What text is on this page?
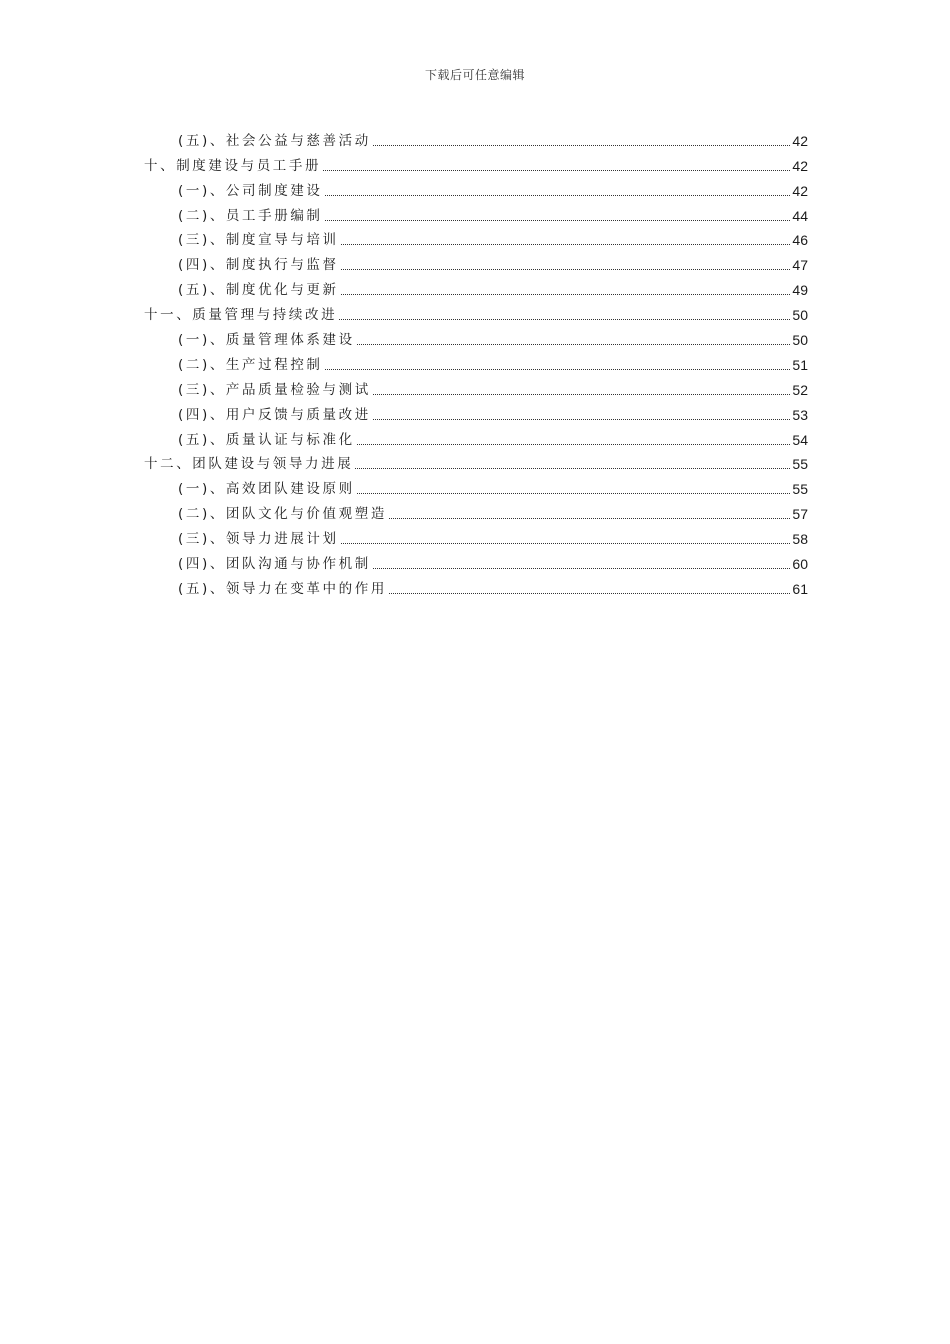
下载后可任意编辑
(五)、社会公益与慈善活动	42
十、制度建设与员工手册	42
(一)、公司制度建设	42
(二)、员工手册编制	44
(三)、制度宣导与培训	46
(四)、制度执行与监督	47
(五)、制度优化与更新	49
十一、质量管理与持续改进	50
(一)、质量管理体系建设	50
(二)、生产过程控制	51
(三)、产品质量检验与测试	52
(四)、用户反馈与质量改进	53
(五)、质量认证与标准化	54
十二、团队建设与领导力进展	55
(一)、高效团队建设原则	55
(二)、团队文化与价值观塑造	57
(三)、领导力进展计划	58
(四)、团队沟通与协作机制	60
(五)、领导力在变革中的作用	61
